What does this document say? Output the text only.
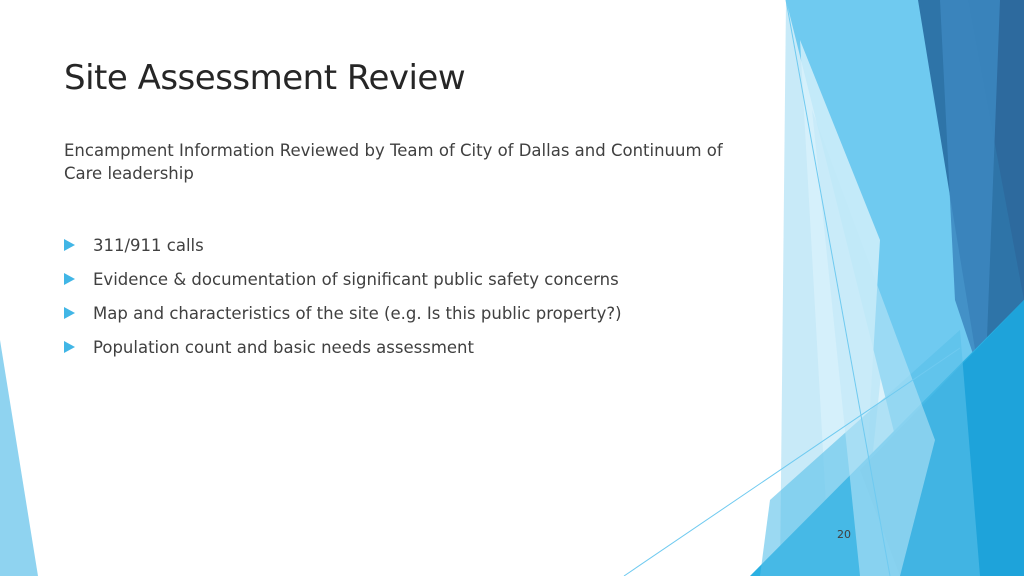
Site Assessment Review

Encampment Information Reviewed by Team of City of Dallas and Continuum of Care leadership

311/911 calls
Evidence & documentation of significant public safety concerns
Map and characteristics of the site (e.g. Is this public property?)
Population count and basic needs assessment
20
